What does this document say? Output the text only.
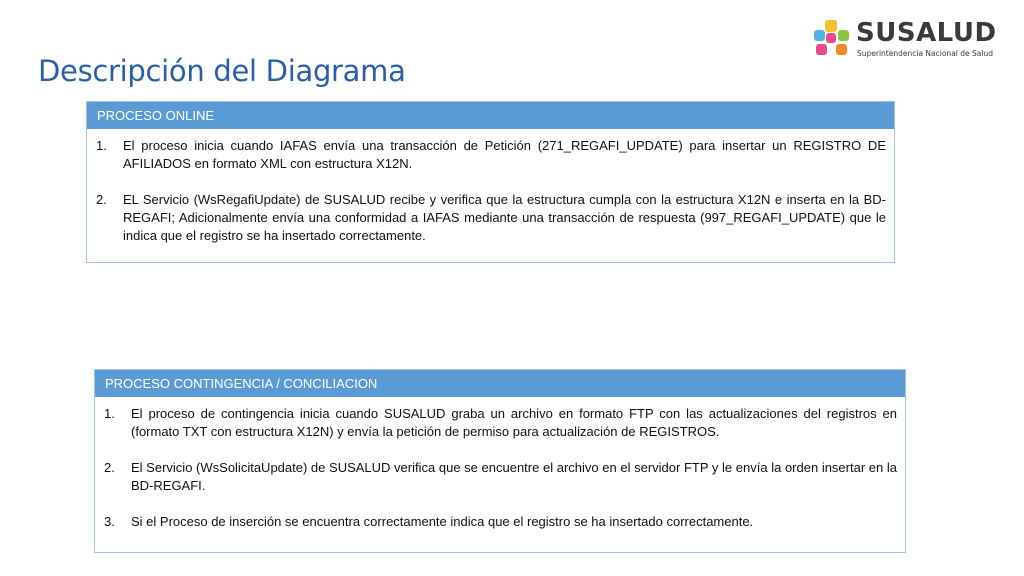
SUSALUD
Superintendencia Nacional de Salud
Descripción del Diagrama
PROCESO ONLINE
1. El proceso inicia cuando IAFAS envía una transacción de Petición (271_REGAFI_UPDATE) para insertar un REGISTRO DE AFILIADOS en formato XML con estructura X12N.
2. EL Servicio (WsRegafiUpdate) de SUSALUD recibe y verifica que la estructura cumpla con la estructura X12N e inserta en la BD-REGAFI; Adicionalmente envía una conformidad a IAFAS mediante una transacción de respuesta (997_REGAFI_UPDATE) que le indica que el registro se ha insertado correctamente.
PROCESO CONTINGENCIA / CONCILIACION
1. El proceso de contingencia inicia cuando SUSALUD graba un archivo en formato FTP con las actualizaciones del registros en (formato TXT con estructura X12N) y envía la petición de permiso para actualización de REGISTROS.
2. El Servicio (WsSolicitaUpdate) de SUSALUD verifica que se encuentre el archivo en el servidor FTP y le envía la orden insertar en la BD-REGAFI.
3. Si el Proceso de inserción se encuentra correctamente indica que el registro se ha insertado correctamente.
